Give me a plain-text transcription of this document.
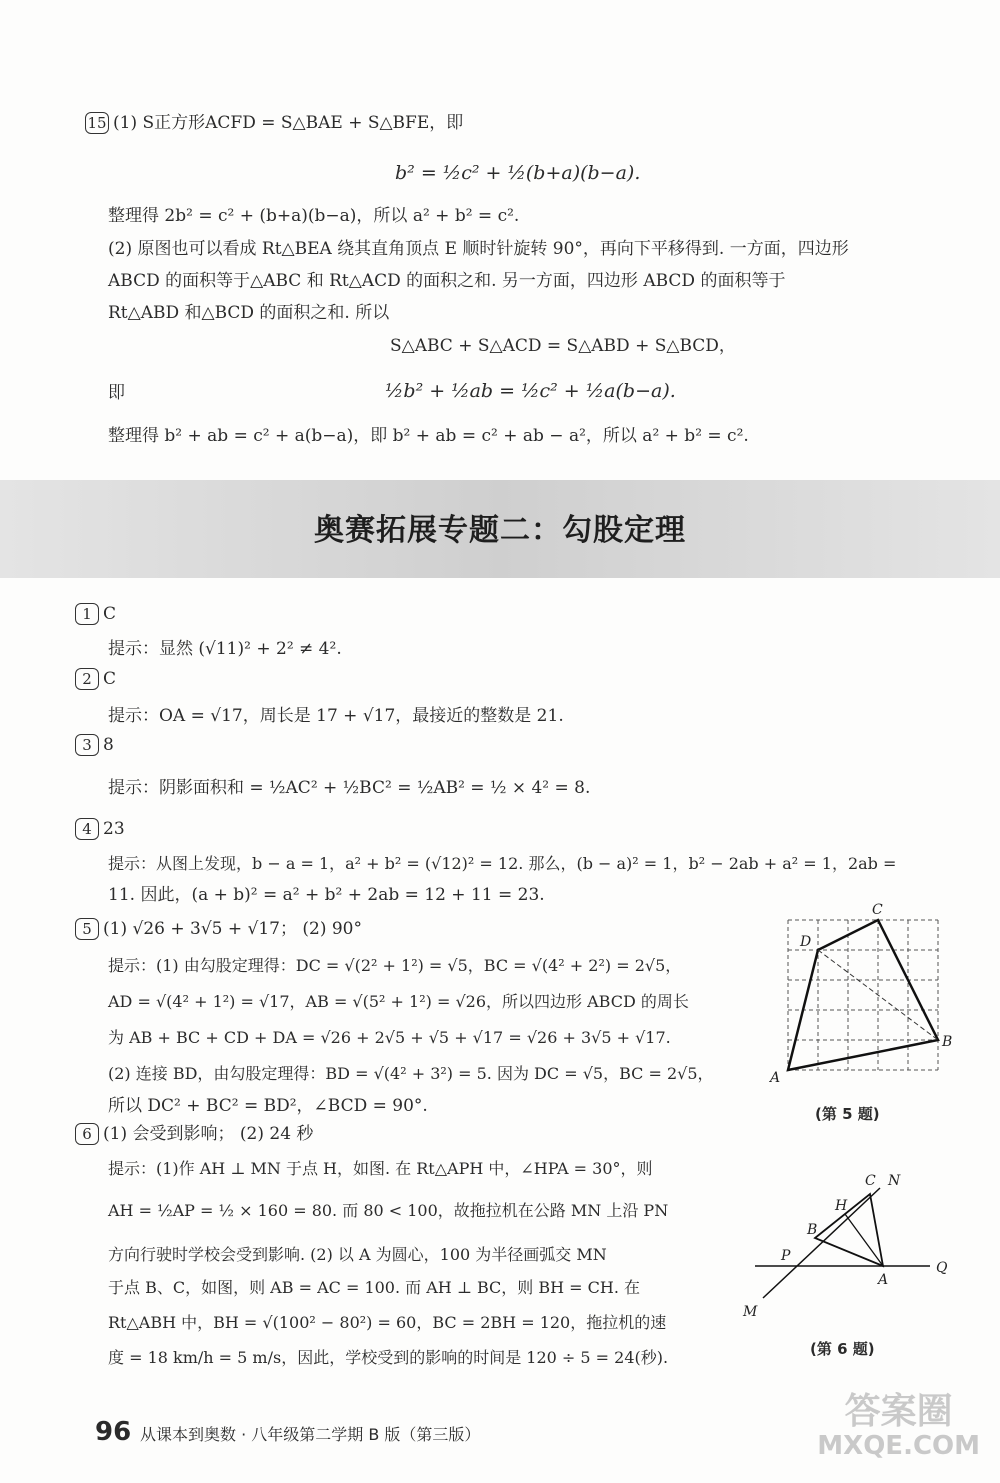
15 (1) S正方形ACFD = S△BAE + S△BFE，即
b² = ½c² + ½(b+a)(b−a).
整理得 2b² = c² + (b+a)(b−a)，所以 a² + b² = c².
(2) 原图也可以看成 Rt△BEA 绕其直角顶点 E 顺时针旋转 90°，再向下平移得到. 一方面，四边形
ABCD 的面积等于△ABC 和 Rt△ACD 的面积之和. 另一方面，四边形 ABCD 的面积等于
Rt△ABD 和△BCD 的面积之和. 所以
S△ABC + S△ACD = S△ABD + S△BCD，
即	½b² + ½ab = ½c² + ½a(b−a).
整理得 b² + ab = c² + a(b−a)，即 b² + ab = c² + ab − a²，所以 a² + b² = c².
奥赛拓展专题二：勾股定理
1 C
提示：显然 (√11)² + 2² ≠ 4².
2 C
提示：OA = √17，周长是 17 + √17，最接近的整数是 21.
3 8
提示：阴影面积和 = ½AC² + ½BC² = ½AB² = ½ × 4² = 8.
4 23
提示：从图上发现，b − a = 1，a² + b² = (√12)² = 12. 那么，(b − a)² = 1，b² − 2ab + a² = 1，2ab =
11. 因此，(a + b)² = a² + b² + 2ab = 12 + 11 = 23.
5 (1) √26 + 3√5 + √17； (2) 90°
提示：(1) 由勾股定理得：DC = √(2² + 1²) = √5，BC = √(4² + 2²) = 2√5，
AD = √(4² + 1²) = √17，AB = √(5² + 1²) = √26，所以四边形 ABCD 的周长
为 AB + BC + CD + DA = √26 + 2√5 + √5 + √17 = √26 + 3√5 + √17.
(2) 连接 BD，由勾股定理得：BD = √(4² + 3²) = 5. 因为 DC = √5，BC = 2√5，
所以 DC² + BC² = BD²，∠BCD = 90°.
A
B
C
D
(第 5 题)
6 (1) 会受到影响； (2) 24 秒
提示：(1)作 AH ⊥ MN 于点 H，如图. 在 Rt△APH 中，∠HPA = 30°，则
AH = ½AP = ½ × 160 = 80. 而 80 < 100，故拖拉机在公路 MN 上沿 PN
方向行驶时学校会受到影响. (2) 以 A 为圆心，100 为半径画弧交 MN
于点 B、C，如图，则 AB = AC = 100. 而 AH ⊥ BC，则 BH = CH. 在
Rt△ABH 中，BH = √(100² − 80²) = 60，BC = 2BH = 120，拖拉机的速
度 = 18 km/h = 5 m/s，因此，学校受到的影响的时间是 120 ÷ 5 = 24(秒).
C N
H
B
P
A
Q
M
(第 6 题)
96 从课本到奥数 · 八年级第二学期 B 版（第三版）
答案圈
MXQE.COM
